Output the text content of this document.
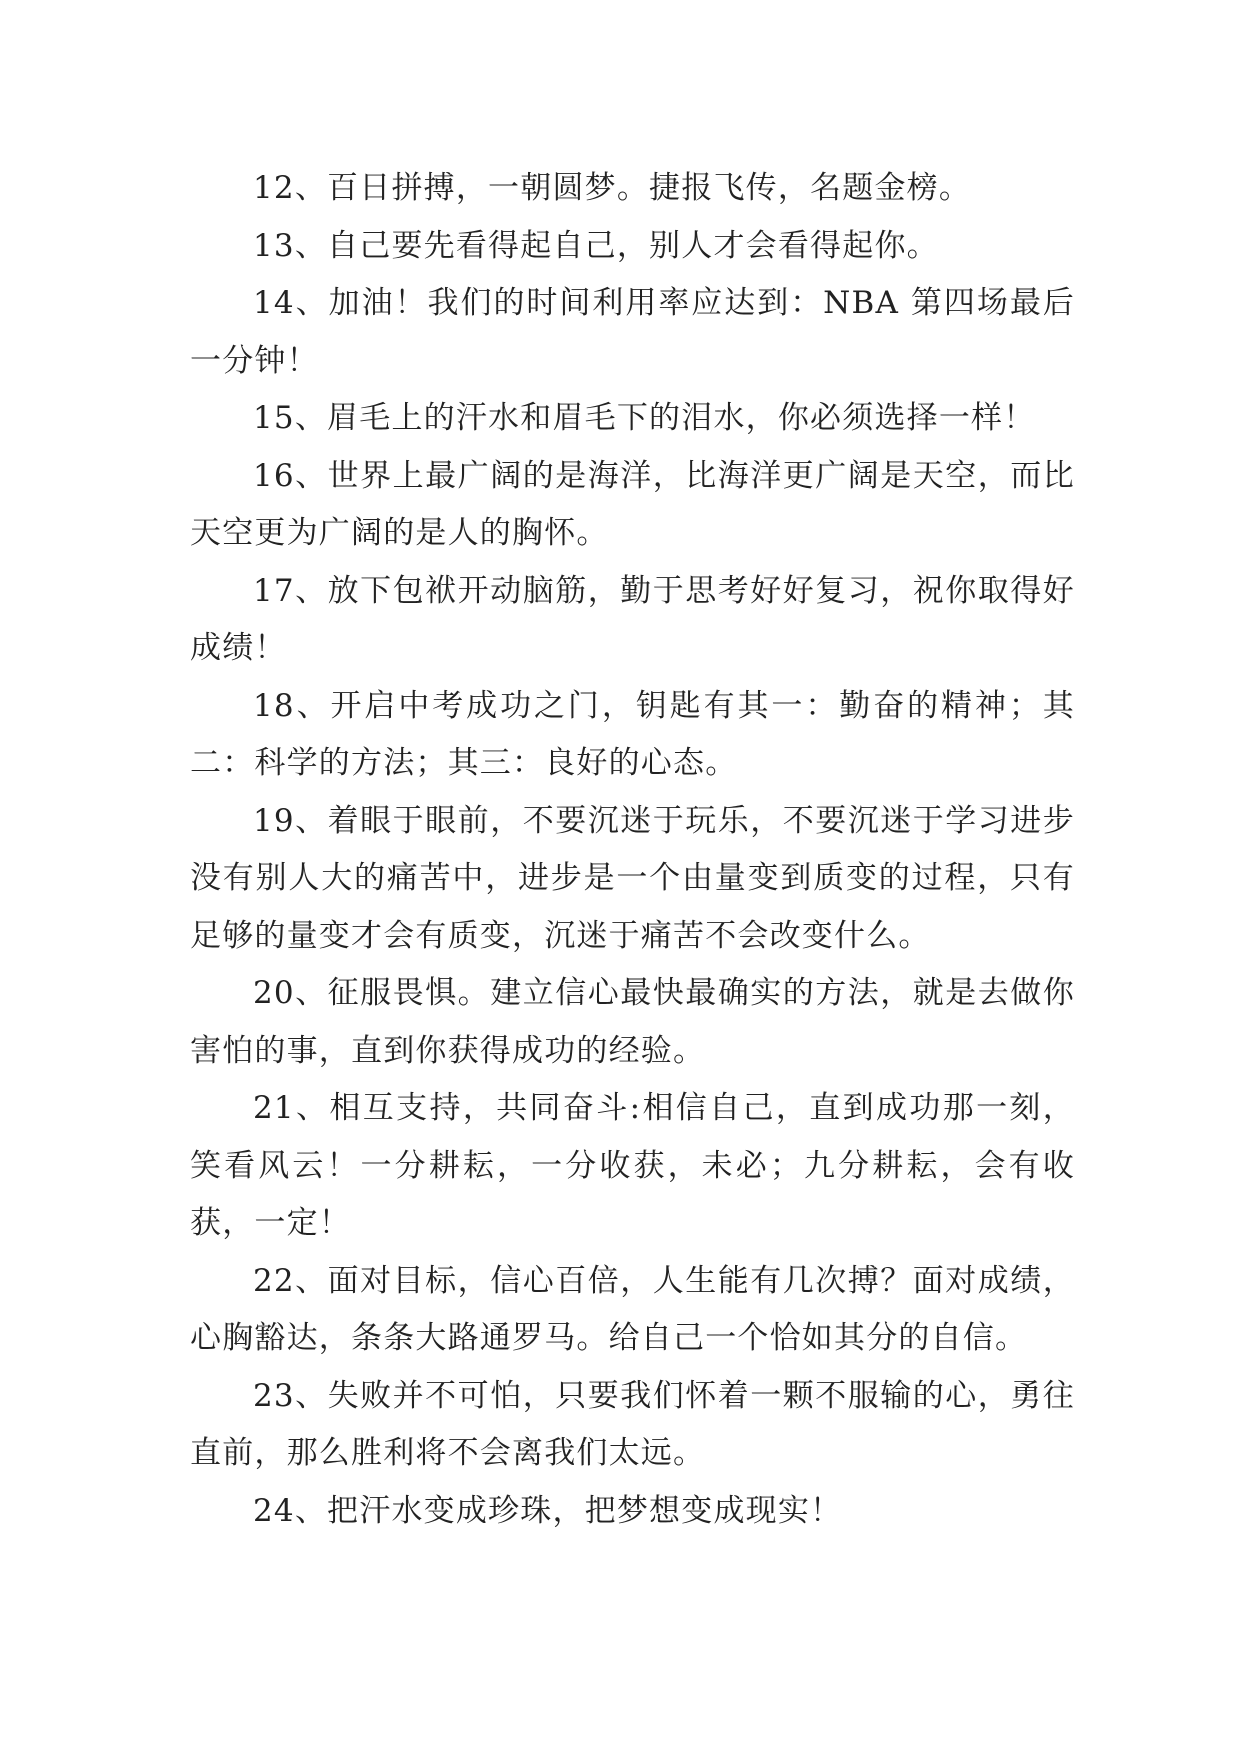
12、百日拼搏，一朝圆梦。捷报飞传，名题金榜。

13、自己要先看得起自己，别人才会看得起你。

14、加油！我们的时间利用率应达到：NBA 第四场最后一分钟！

15、眉毛上的汗水和眉毛下的泪水，你必须选择一样！

16、世界上最广阔的是海洋，比海洋更广阔是天空，而比天空更为广阔的是人的胸怀。

17、放下包袱开动脑筋，勤于思考好好复习，祝你取得好成绩！

18、开启中考成功之门，钥匙有其一：勤奋的精神；其二：科学的方法；其三：良好的心态。

19、着眼于眼前，不要沉迷于玩乐，不要沉迷于学习进步没有别人大的痛苦中，进步是一个由量变到质变的过程，只有足够的量变才会有质变，沉迷于痛苦不会改变什么。

20、征服畏惧。建立信心最快最确实的方法，就是去做你害怕的事，直到你获得成功的经验。

21、相互支持，共同奋斗:相信自己，直到成功那一刻，笑看风云！一分耕耘，一分收获，未必；九分耕耘，会有收获，一定！

22、面对目标，信心百倍，人生能有几次搏？面对成绩，心胸豁达，条条大路通罗马。给自己一个恰如其分的自信。

23、失败并不可怕，只要我们怀着一颗不服输的心，勇往直前，那么胜利将不会离我们太远。

24、把汗水变成珍珠，把梦想变成现实！
